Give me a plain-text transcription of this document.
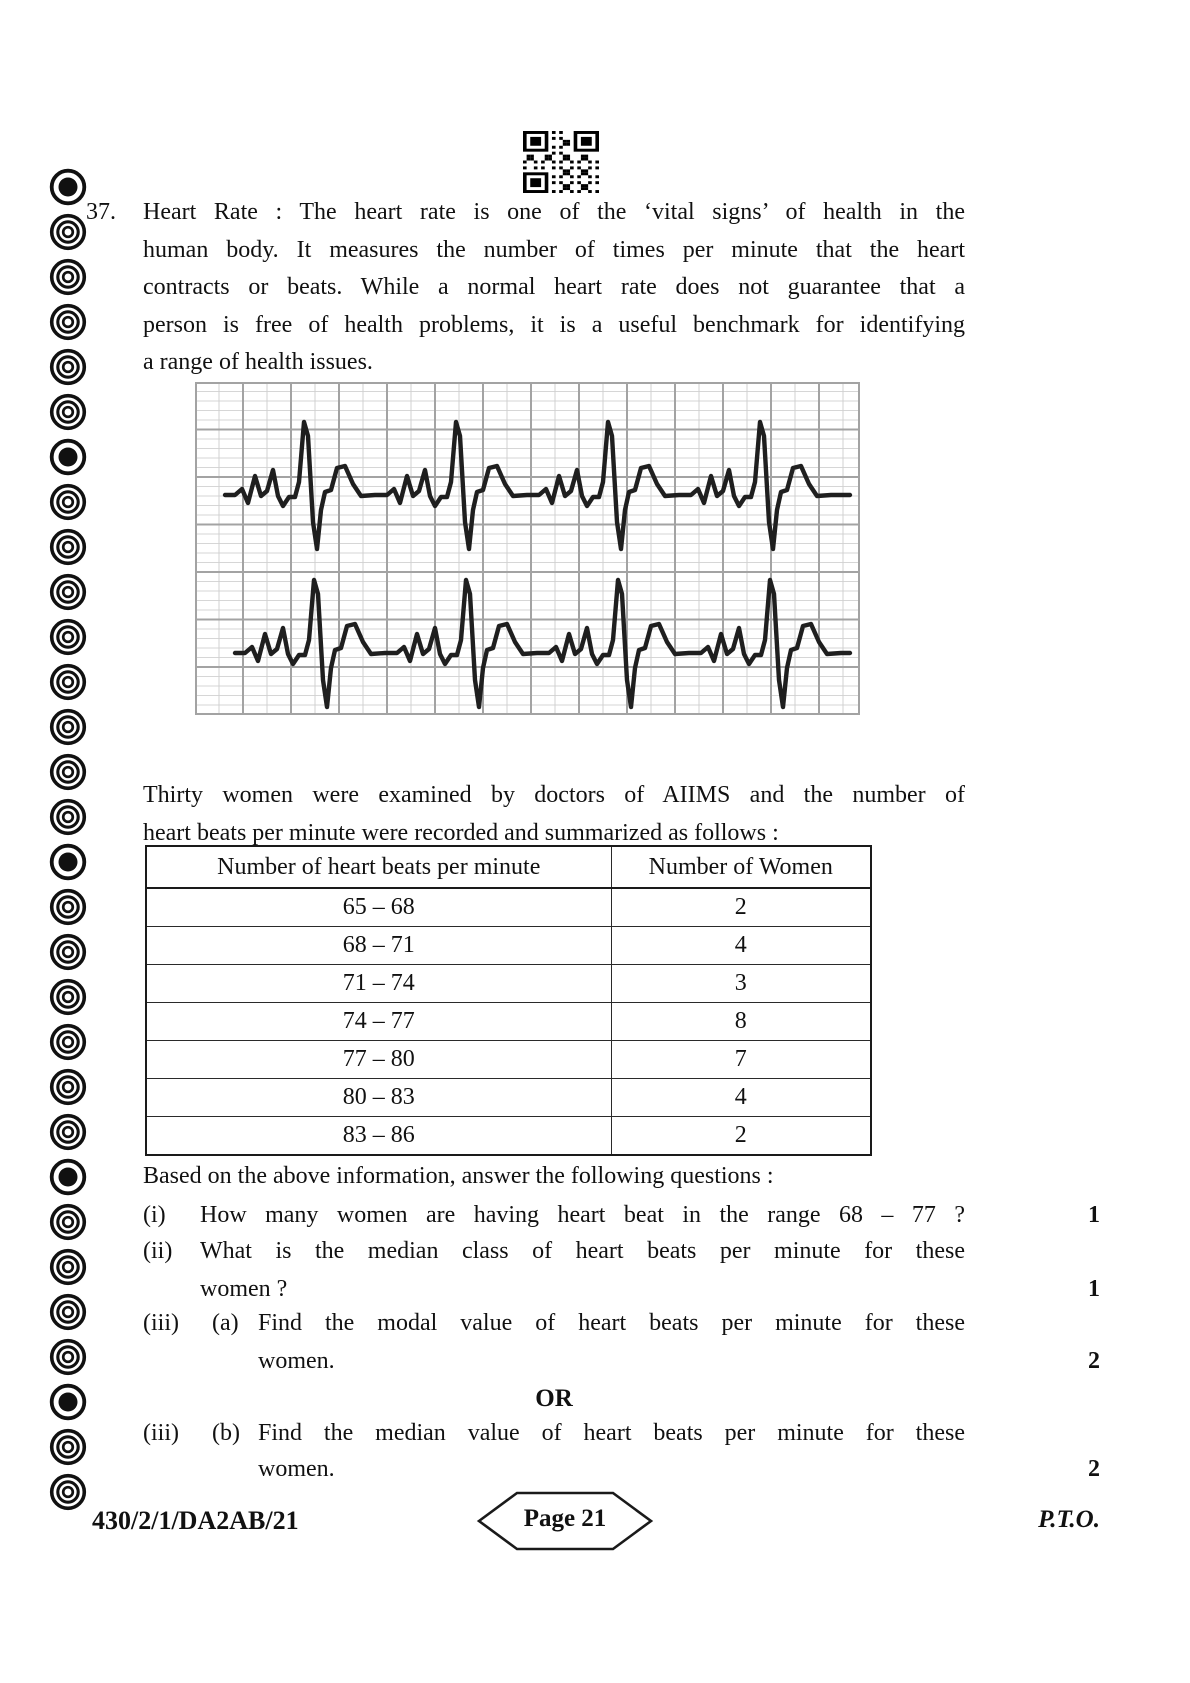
37. Heart Rate : The heart rate is one of the ‘vital signs’ of health in the
human body. It measures the number of times per minute that the heart
contracts or beats. While a normal heart rate does not guarantee that a
person is free of health problems, it is a useful benchmark for identifying
a range of health issues.
Thirty women were examined by doctors of AIIMS and the number of
heart beats per minute were recorded and summarized as follows :
Number of heart beats per minute	Number of Women
65 – 68	2
68 – 71	4
71 – 74	3
74 – 77	8
77 – 80	7
80 – 83	4
83 – 86	2
Based on the above information, answer the following questions :
(i) How many women are having heart beat in the range 68 – 77 ?	1
(ii) What is the median class of heart beats per minute for these
women ?	1
(iii) (a) Find the modal value of heart beats per minute for these
women.	2
OR
(iii) (b) Find the median value of heart beats per minute for these
women.	2
430/2/1/DA2AB/21	Page 21	P.T.O.
